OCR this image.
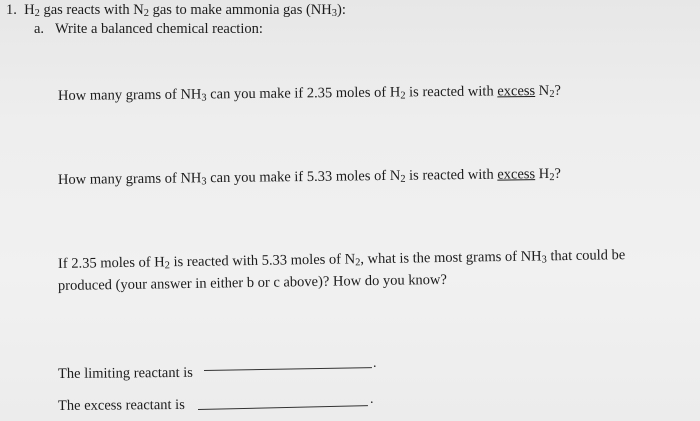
1. $H_2$ gas reacts with $N_2$ gas to make ammonia gas $(NH_3)$:
a. Write a balanced chemical reaction:
How many grams of $NH_3$ can you make if 2.35 moles of $H_2$ is reacted with excess $N_2$?
How many grams of $NH_3$ can you make if 5.33 moles of $N_2$ is reacted with excess $H_2$?
If 2.35 moles of $H_2$ is reacted with 5.33 moles of $N_2$, what is the most grams of $NH_3$ that could be
produced (your answer in either b or c above)? How do you know?
The limiting reactant is
.
The excess reactant is	.
